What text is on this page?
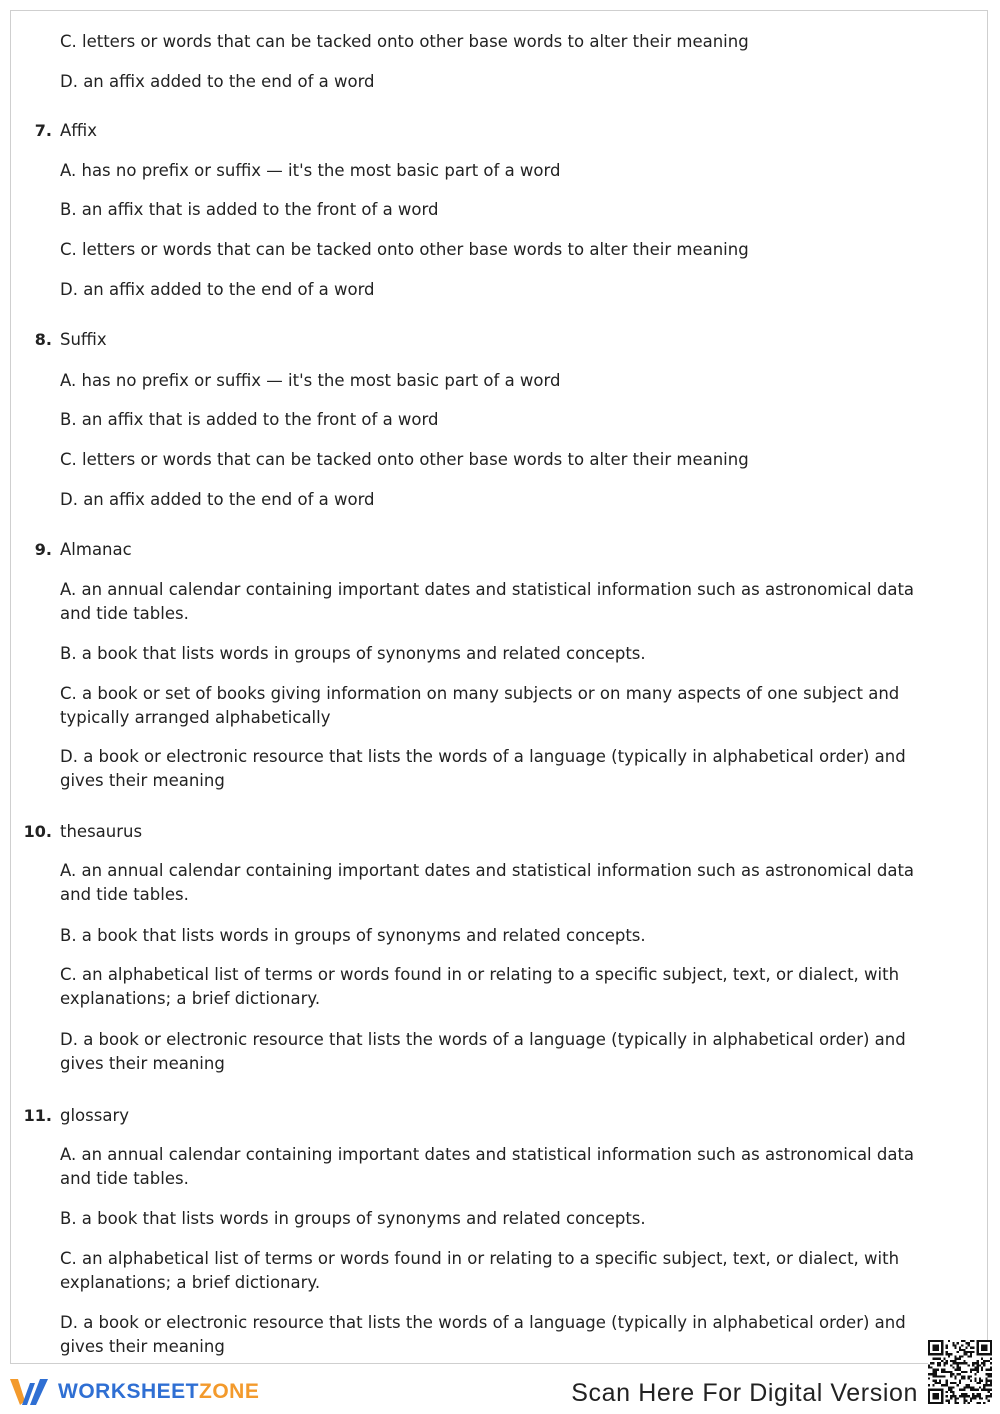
C. letters or words that can be tacked onto other base words to alter their meaning
D. an affix added to the end of a word
7. Affix
A. has no prefix or suffix — it's the most basic part of a word
B. an affix that is added to the front of a word
C. letters or words that can be tacked onto other base words to alter their meaning
D. an affix added to the end of a word
8. Suffix
A. has no prefix or suffix — it's the most basic part of a word
B. an affix that is added to the front of a word
C. letters or words that can be tacked onto other base words to alter their meaning
D. an affix added to the end of a word
9. Almanac
A. an annual calendar containing important dates and statistical information such as astronomical data and tide tables.
B. a book that lists words in groups of synonyms and related concepts.
C. a book or set of books giving information on many subjects or on many aspects of one subject and typically arranged alphabetically
D. a book or electronic resource that lists the words of a language (typically in alphabetical order) and gives their meaning
10. thesaurus
A. an annual calendar containing important dates and statistical information such as astronomical data and tide tables.
B. a book that lists words in groups of synonyms and related concepts.
C. an alphabetical list of terms or words found in or relating to a specific subject, text, or dialect, with explanations; a brief dictionary.
D. a book or electronic resource that lists the words of a language (typically in alphabetical order) and gives their meaning
11. glossary
A. an annual calendar containing important dates and statistical information such as astronomical data and tide tables.
B. a book that lists words in groups of synonyms and related concepts.
C. an alphabetical list of terms or words found in or relating to a specific subject, text, or dialect, with explanations; a brief dictionary.
D. a book or electronic resource that lists the words of a language (typically in alphabetical order) and gives their meaning
WORKSHEETZONE	Scan Here For Digital Version
